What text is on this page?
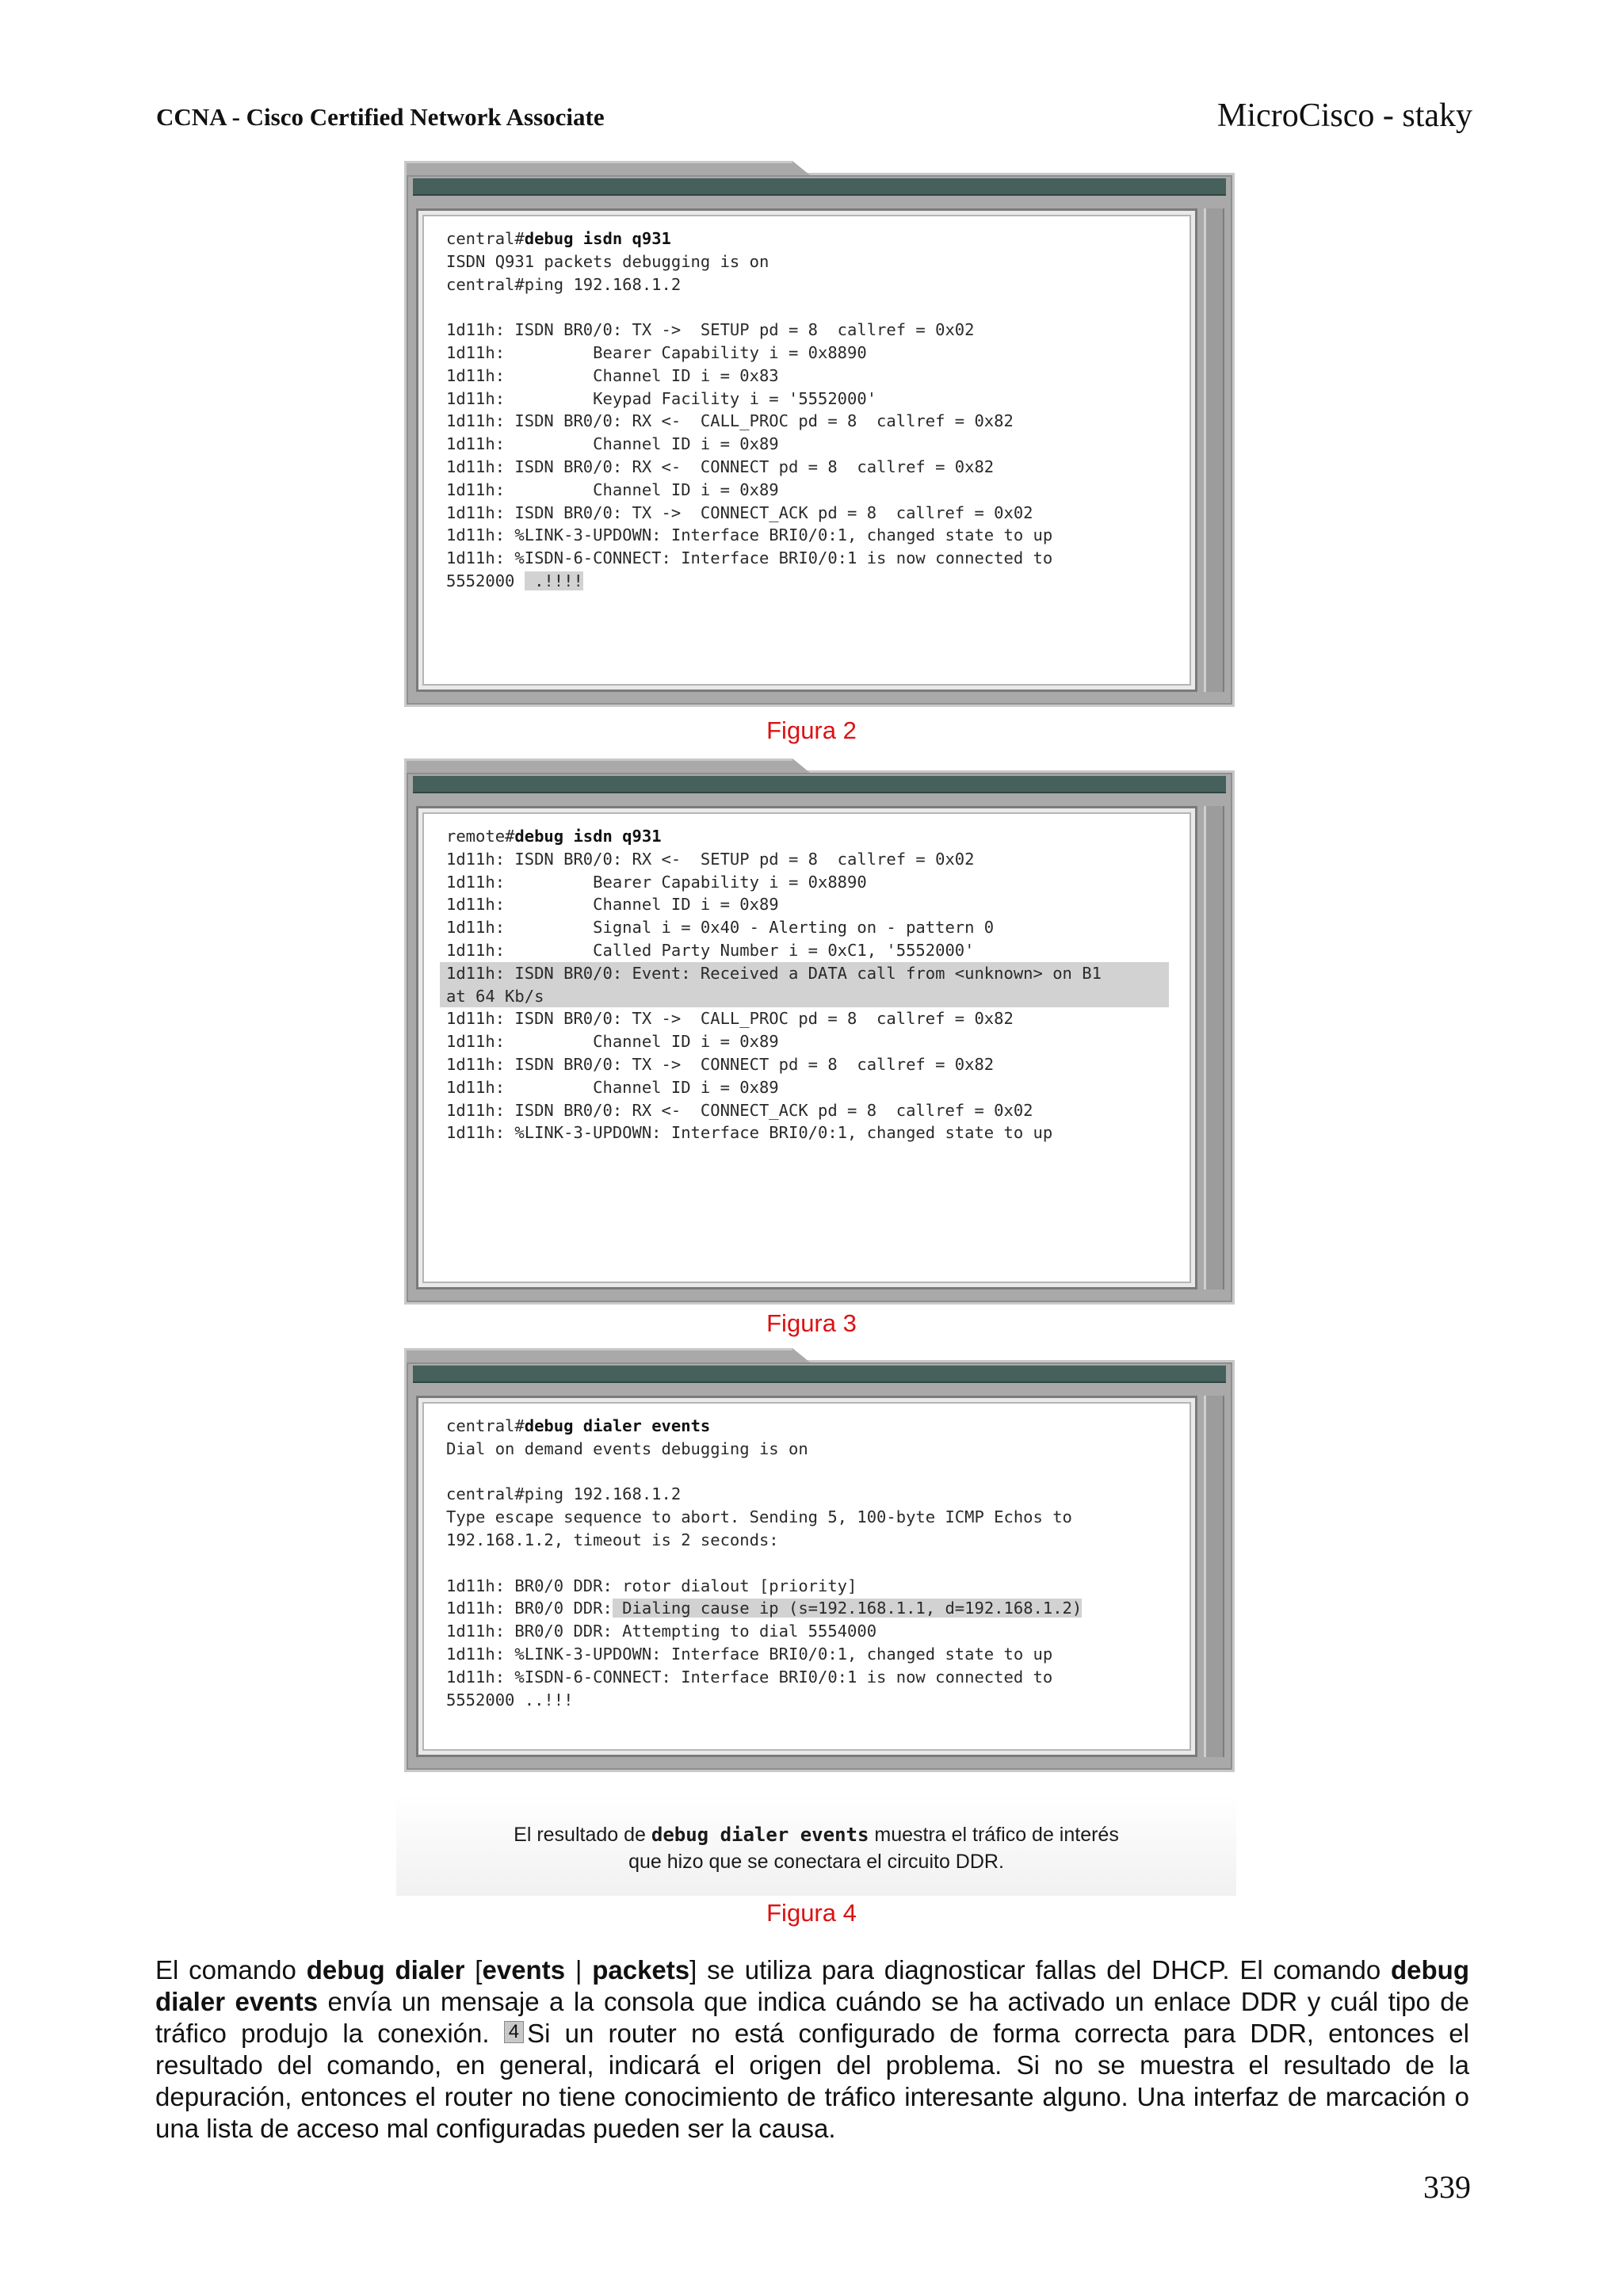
CCNA - Cisco Certified Network Associate	MicroCisco - staky
central#debug isdn q931
ISDN Q931 packets debugging is on
central#ping 192.168.1.2
1d11h: ISDN BR0/0: TX ->  SETUP pd = 8  callref = 0x02
1d11h:         Bearer Capability i = 0x8890
1d11h:         Channel ID i = 0x83
1d11h:         Keypad Facility i = '5552000'
1d11h: ISDN BR0/0: RX <-  CALL_PROC pd = 8  callref = 0x82
1d11h:         Channel ID i = 0x89
1d11h: ISDN BR0/0: RX <-  CONNECT pd = 8  callref = 0x82
1d11h:         Channel ID i = 0x89
1d11h: ISDN BR0/0: TX ->  CONNECT_ACK pd = 8  callref = 0x02
1d11h: %LINK-3-UPDOWN: Interface BRI0/0:1, changed state to up
1d11h: %ISDN-6-CONNECT: Interface BRI0/0:1 is now connected to
5552000  .!!!!
Figura 2
remote#debug isdn q931
1d11h: ISDN BR0/0: RX <-  SETUP pd = 8  callref = 0x02
1d11h:         Bearer Capability i = 0x8890
1d11h:         Channel ID i = 0x89
1d11h:         Signal i = 0x40 - Alerting on - pattern 0
1d11h:         Called Party Number i = 0xC1, '5552000'
1d11h: ISDN BR0/0: Event: Received a DATA call from <unknown> on B1
at 64 Kb/s
1d11h: ISDN BR0/0: TX ->  CALL_PROC pd = 8  callref = 0x82
1d11h:         Channel ID i = 0x89
1d11h: ISDN BR0/0: TX ->  CONNECT pd = 8  callref = 0x82
1d11h:         Channel ID i = 0x89
1d11h: ISDN BR0/0: RX <-  CONNECT_ACK pd = 8  callref = 0x02
1d11h: %LINK-3-UPDOWN: Interface BRI0/0:1, changed state to up
Figura 3
central#debug dialer events
Dial on demand events debugging is on
central#ping 192.168.1.2
Type escape sequence to abort. Sending 5, 100-byte ICMP Echos to
192.168.1.2, timeout is 2 seconds:
1d11h: BR0/0 DDR: rotor dialout [priority]
1d11h: BR0/0 DDR: Dialing cause ip (s=192.168.1.1, d=192.168.1.2)
1d11h: BR0/0 DDR: Attempting to dial 5554000
1d11h: %LINK-3-UPDOWN: Interface BRI0/0:1, changed state to up
1d11h: %ISDN-6-CONNECT: Interface BRI0/0:1 is now connected to
5552000 ..!!!
El resultado de debug dialer events muestra el tráfico de interés
que hizo que se conectara el circuito DDR.
Figura 4

El comando debug dialer [events | packets] se utiliza para diagnosticar fallas del DHCP. El comando debug dialer events envía un mensaje a la consola que indica cuándo se ha activado un enlace DDR y cuál tipo de tráfico produjo la conexión. 4 Si un router no está configurado de forma correcta para DDR, entonces el resultado del comando, en general, indicará el origen del problema. Si no se muestra el resultado de la depuración, entonces el router no tiene conocimiento de tráfico interesante alguno. Una interfaz de marcación o una lista de acceso mal configuradas pueden ser la causa.

339
